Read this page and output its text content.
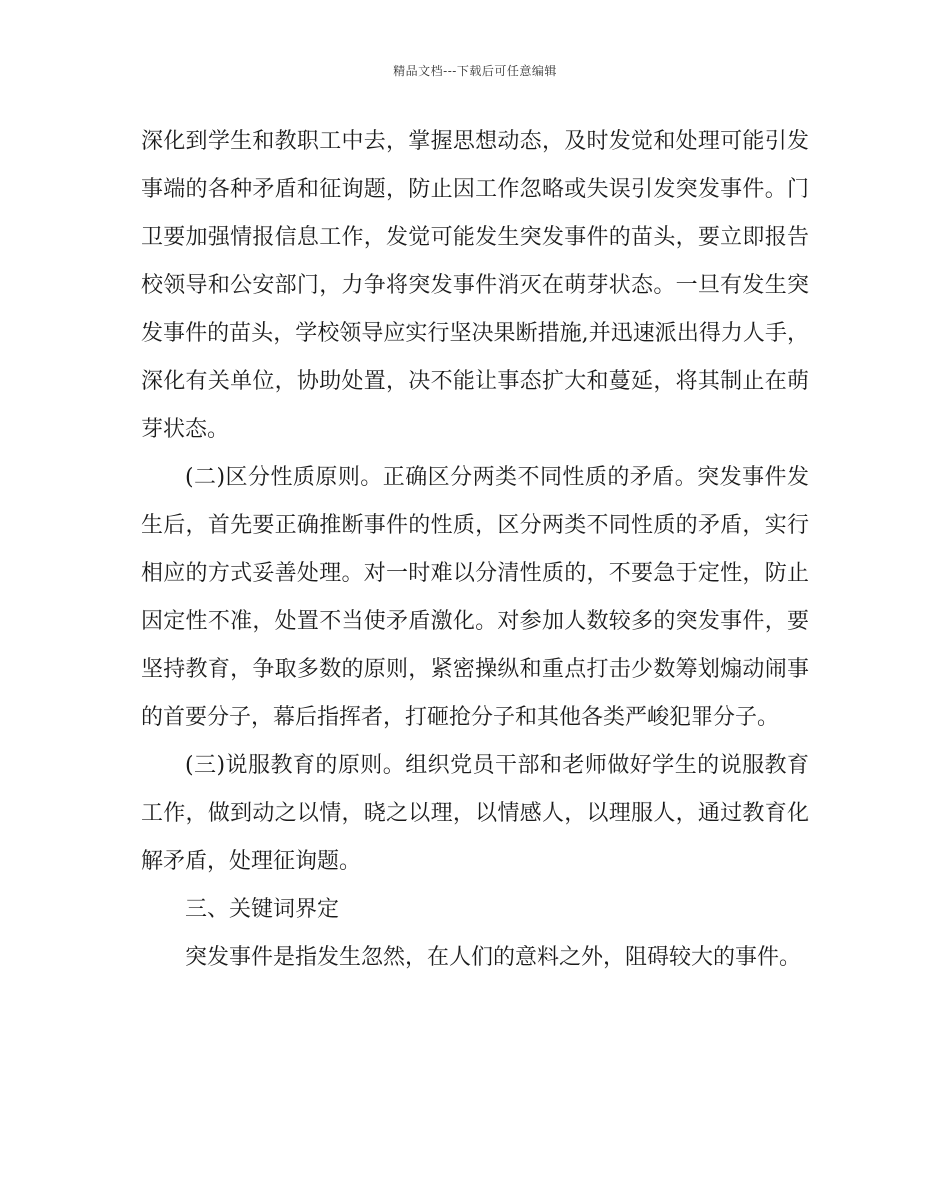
精品文档---下载后可任意编辑

深化到学生和教职工中去，掌握思想动态，及时发觉和处理可能引发事端的各种矛盾和征询题，防止因工作忽略或失误引发突发事件。门卫要加强情报信息工作，发觉可能发生突发事件的苗头，要立即报告校领导和公安部门，力争将突发事件消灭在萌芽状态。一旦有发生突发事件的苗头，学校领导应实行坚决果断措施,并迅速派出得力人手，深化有关单位，协助处置，决不能让事态扩大和蔓延，将其制止在萌芽状态。

(二)区分性质原则。正确区分两类不同性质的矛盾。突发事件发生后，首先要正确推断事件的性质，区分两类不同性质的矛盾，实行相应的方式妥善处理。对一时难以分清性质的，不要急于定性，防止因定性不准，处置不当使矛盾激化。对参加人数较多的突发事件，要坚持教育，争取多数的原则，紧密操纵和重点打击少数筹划煽动闹事的首要分子，幕后指挥者，打砸抢分子和其他各类严峻犯罪分子。

(三)说服教育的原则。组织党员干部和老师做好学生的说服教育工作，做到动之以情，晓之以理，以情感人，以理服人，通过教育化解矛盾，处理征询题。

三、关键词界定

突发事件是指发生忽然，在人们的意料之外，阻碍较大的事件。
